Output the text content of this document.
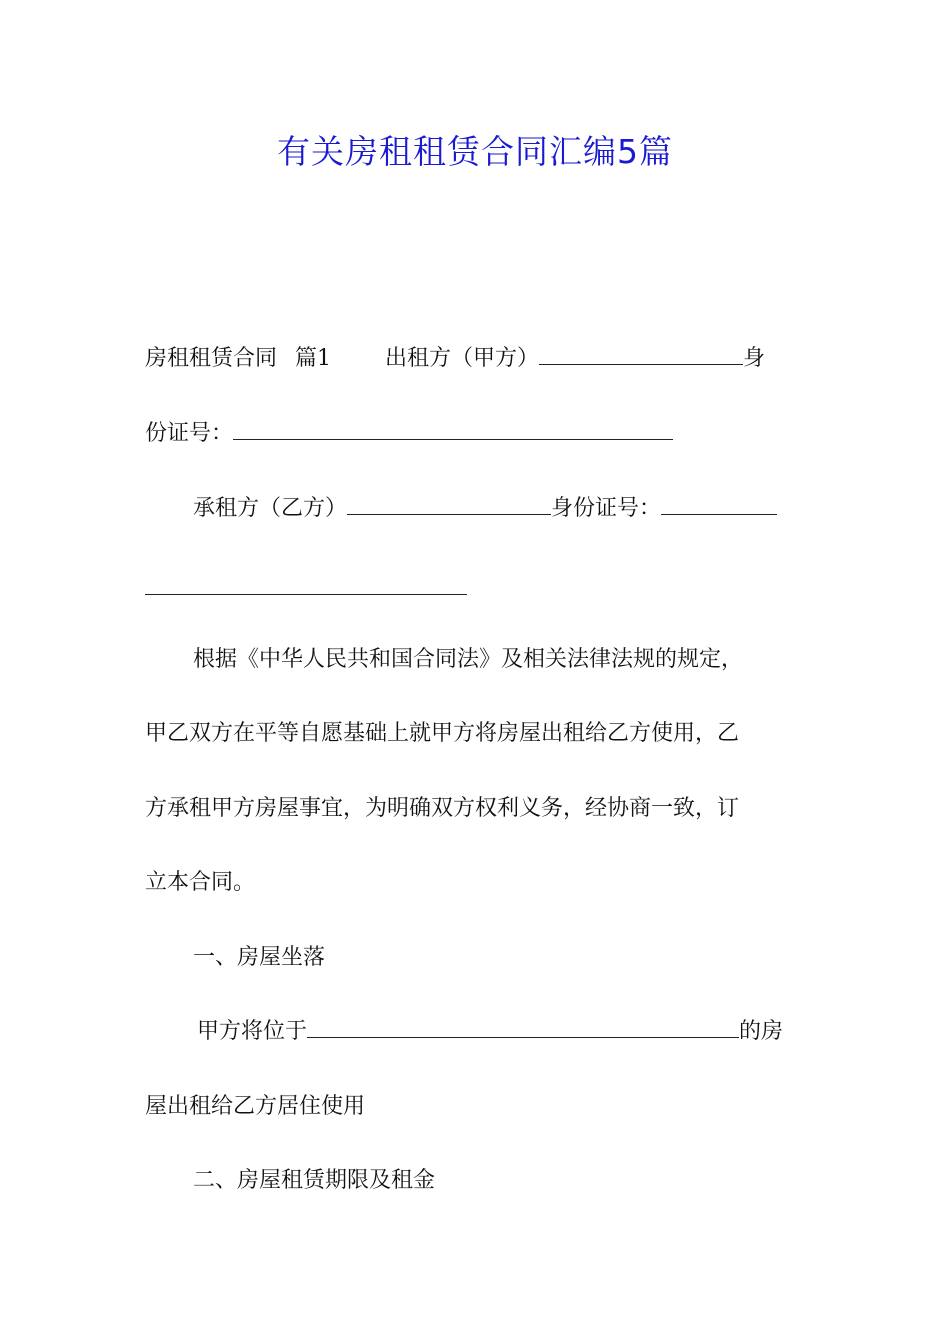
有关房租租赁合同汇编5篇
房租租赁合同 篇1 出租方（甲方）	身
份证号：
承租方（乙方）	身份证号：
根据《中华人民共和国合同法》及相关法律法规的规定，
甲乙双方在平等自愿基础上就甲方将房屋出租给乙方使用，乙
方承租甲方房屋事宜，为明确双方权利义务，经协商一致，订
立本合同。
一、房屋坐落
甲方将位于	的房
屋出租给乙方居住使用
二、房屋租赁期限及租金
